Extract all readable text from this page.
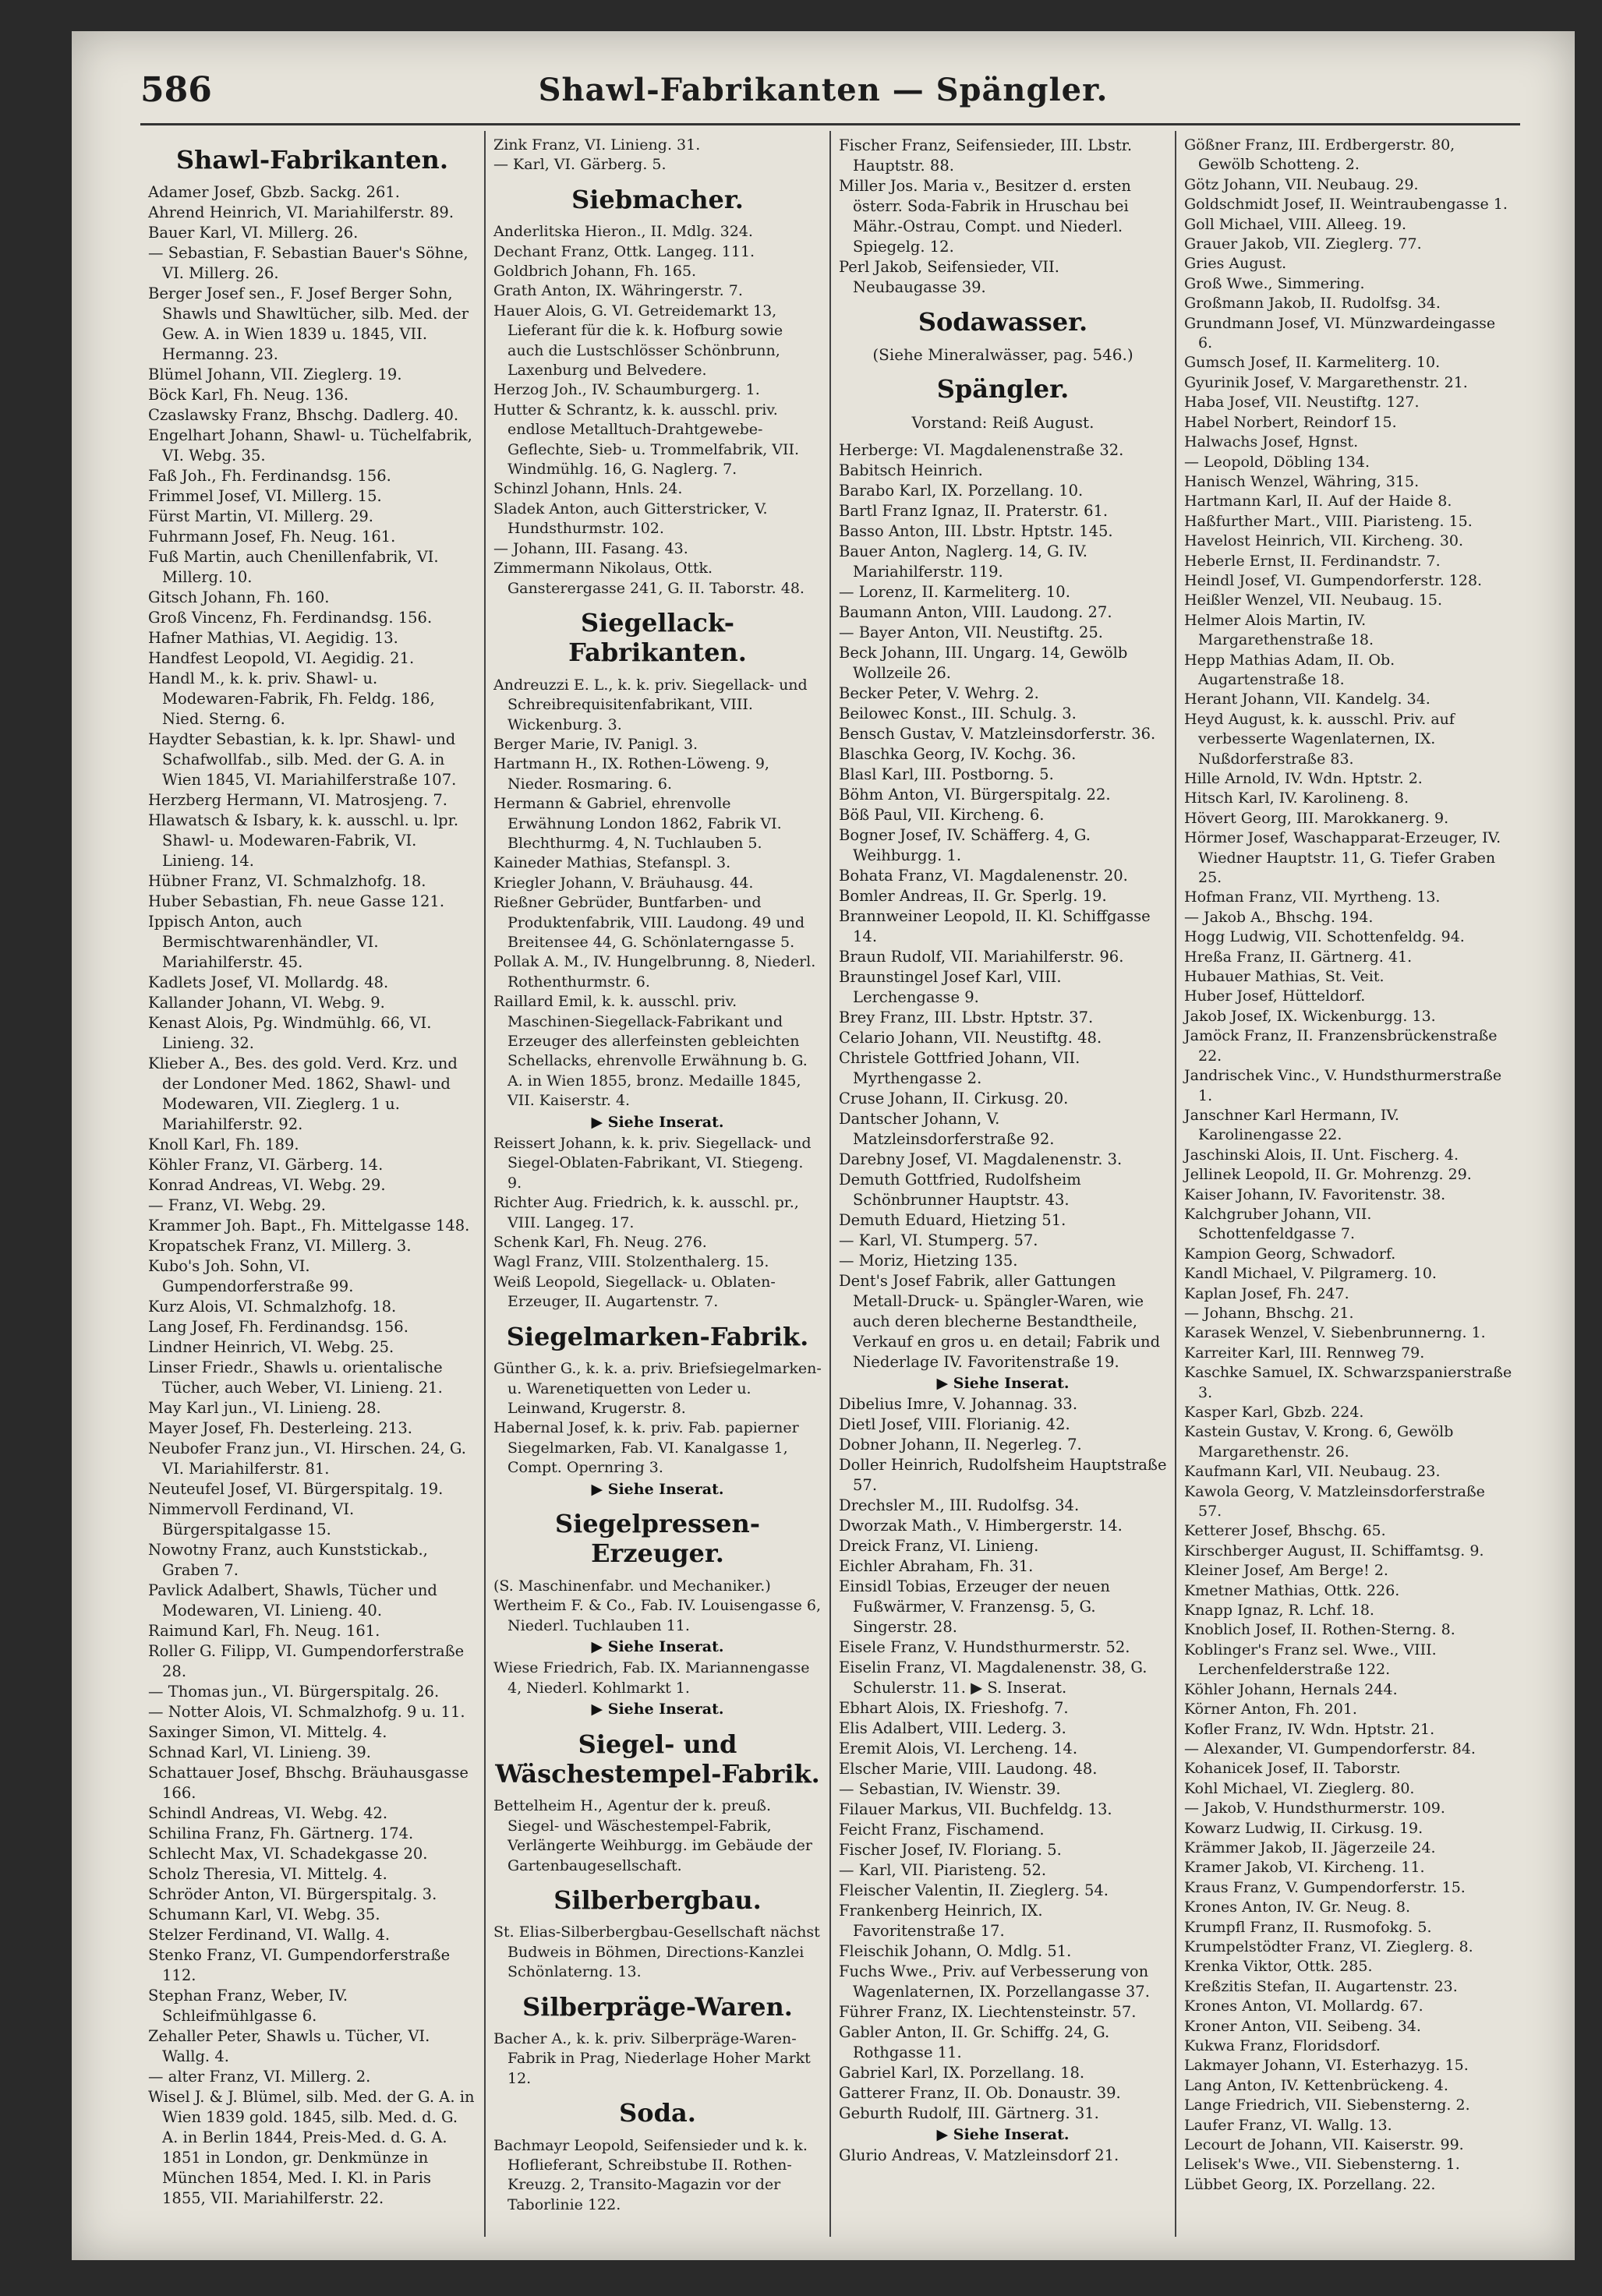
586	Shawl-Fabrikanten — Spängler.
Shawl-Fabrikanten.

Adamer Josef, Gbzb. Sackg. 261.

Ahrend Heinrich, VI. Mariahilferstr. 89.

Bauer Karl, VI. Millerg. 26.

— Sebastian, F. Sebastian Bauer's Söhne, VI. Millerg. 26.

Berger Josef sen., F. Josef Berger Sohn, Shawls und Shawltücher, silb. Med. der Gew. A. in Wien 1839 u. 1845, VII. Hermanng. 23.

Blümel Johann, VII. Zieglerg. 19.

Böck Karl, Fh. Neug. 136.

Czaslawsky Franz, Bhschg. Dadlerg. 40.

Engelhart Johann, Shawl- u. Tüchelfabrik, VI. Webg. 35.

Faß Joh., Fh. Ferdinandsg. 156.

Frimmel Josef, VI. Millerg. 15.

Fürst Martin, VI. Millerg. 29.

Fuhrmann Josef, Fh. Neug. 161.

Fuß Martin, auch Chenillenfabrik, VI. Millerg. 10.

Gitsch Johann, Fh. 160.

Groß Vincenz, Fh. Ferdinandsg. 156.

Hafner Mathias, VI. Aegidig. 13.

Handfest Leopold, VI. Aegidig. 21.

Handl M., k. k. priv. Shawl- u. Modewaren-Fabrik, Fh. Feldg. 186, Nied. Sterng. 6.

Haydter Sebastian, k. k. lpr. Shawl- und Schafwollfab., silb. Med. der G. A. in Wien 1845, VI. Mariahilferstraße 107.

Herzberg Hermann, VI. Matrosjeng. 7.

Hlawatsch & Isbary, k. k. ausschl. u. lpr. Shawl- u. Modewaren-Fabrik, VI. Linieng. 14.

Hübner Franz, VI. Schmalzhofg. 18.

Huber Sebastian, Fh. neue Gasse 121.

Ippisch Anton, auch Bermischtwarenhändler, VI. Mariahilferstr. 45.

Kadlets Josef, VI. Mollardg. 48.

Kallander Johann, VI. Webg. 9.

Kenast Alois, Pg. Windmühlg. 66, VI. Linieng. 32.

Klieber A., Bes. des gold. Verd. Krz. und der Londoner Med. 1862, Shawl- und Modewaren, VII. Zieglerg. 1 u. Mariahilferstr. 92.

Knoll Karl, Fh. 189.

Köhler Franz, VI. Gärberg. 14.

Konrad Andreas, VI. Webg. 29.

— Franz, VI. Webg. 29.

Krammer Joh. Bapt., Fh. Mittelgasse 148.

Kropatschek Franz, VI. Millerg. 3.

Kubo's Joh. Sohn, VI. Gumpendorferstraße 99.

Kurz Alois, VI. Schmalzhofg. 18.

Lang Josef, Fh. Ferdinandsg. 156.

Lindner Heinrich, VI. Webg. 25.

Linser Friedr., Shawls u. orientalische Tücher, auch Weber, VI. Linieng. 21.

May Karl jun., VI. Linieng. 28.

Mayer Josef, Fh. Desterleing. 213.

Neubofer Franz jun., VI. Hirschen. 24, G. VI. Mariahilferstr. 81.

Neuteufel Josef, VI. Bürgerspitalg. 19.

Nimmervoll Ferdinand, VI. Bürgerspitalgasse 15.

Nowotny Franz, auch Kunststickab., Graben 7.

Pavlick Adalbert, Shawls, Tücher und Modewaren, VI. Linieng. 40.

Raimund Karl, Fh. Neug. 161.

Roller G. Filipp, VI. Gumpendorferstraße 28.

— Thomas jun., VI. Bürgerspitalg. 26.

— Notter Alois, VI. Schmalzhofg. 9 u. 11.

Saxinger Simon, VI. Mittelg. 4.

Schnad Karl, VI. Linieng. 39.

Schattauer Josef, Bhschg. Bräuhausgasse 166.

Schindl Andreas, VI. Webg. 42.

Schilina Franz, Fh. Gärtnerg. 174.

Schlecht Max, VI. Schadekgasse 20.

Scholz Theresia, VI. Mittelg. 4.

Schröder Anton, VI. Bürgerspitalg. 3.

Schumann Karl, VI. Webg. 35.

Stelzer Ferdinand, VI. Wallg. 4.

Stenko Franz, VI. Gumpendorferstraße 112.

Stephan Franz, Weber, IV. Schleifmühlgasse 6.

Zehaller Peter, Shawls u. Tücher, VI. Wallg. 4.

— alter Franz, VI. Millerg. 2.

Wisel J. & J. Blümel, silb. Med. der G. A. in Wien 1839 gold. 1845, silb. Med. d. G. A. in Berlin 1844, Preis-Med. d. G. A. 1851 in London, gr. Denkmünze in München 1854, Med. I. Kl. in Paris 1855, VII. Mariahilferstr. 22.

Zink Franz, VI. Linieng. 31.

— Karl, VI. Gärberg. 5.

Siebmacher.

Anderlitska Hieron., II. Mdlg. 324.

Dechant Franz, Ottk. Langeg. 111.

Goldbrich Johann, Fh. 165.

Grath Anton, IX. Währingerstr. 7.

Hauer Alois, G. VI. Getreidemarkt 13, Lieferant für die k. k. Hofburg sowie auch die Lustschlösser Schönbrunn, Laxenburg und Belvedere.

Herzog Joh., IV. Schaumburgerg. 1.

Hutter & Schrantz, k. k. ausschl. priv. endlose Metalltuch-Drahtgewebe-Geflechte, Sieb- u. Trommelfabrik, VII. Windmühlg. 16, G. Naglerg. 7.

Schinzl Johann, Hnls. 24.

Sladek Anton, auch Gitterstricker, V. Hundsthurmstr. 102.

— Johann, III. Fasang. 43.

Zimmermann Nikolaus, Ottk. Gansterergasse 241, G. II. Taborstr. 48.

Siegellack-Fabrikanten.

Andreuzzi E. L., k. k. priv. Siegellack- und Schreibrequisitenfabrikant, VIII. Wickenburg. 3.

Berger Marie, IV. Panigl. 3.

Hartmann H., IX. Rothen-Löweng. 9, Nieder. Rosmaring. 6.

Hermann & Gabriel, ehrenvolle Erwähnung London 1862, Fabrik VI. Blechthurmg. 4, N. Tuchlauben 5.

Kaineder Mathias, Stefanspl. 3.

Kriegler Johann, V. Bräuhausg. 44.

Rießner Gebrüder, Buntfarben- und Produktenfabrik, VIII. Laudong. 49 und Breitensee 44, G. Schönlaterngasse 5.

Pollak A. M., IV. Hungelbrunng. 8, Niederl. Rothenthurmstr. 6.

Raillard Emil, k. k. ausschl. priv. Maschinen-Siegellack-Fabrikant und Erzeuger des allerfeinsten gebleichten Schellacks, ehrenvolle Erwähnung b. G. A. in Wien 1855, bronz. Medaille 1845, VII. Kaiserstr. 4.

▶ Siehe Inserat.

Reissert Johann, k. k. priv. Siegellack- und Siegel-Oblaten-Fabrikant, VI. Stiegeng. 9.

Richter Aug. Friedrich, k. k. ausschl. pr., VIII. Langeg. 17.

Schenk Karl, Fh. Neug. 276.

Wagl Franz, VIII. Stolzenthalerg. 15.

Weiß Leopold, Siegellack- u. Oblaten-Erzeuger, II. Augartenstr. 7.

Siegelmarken-Fabrik.

Günther G., k. k. a. priv. Briefsiegelmarken- u. Warenetiquetten von Leder u. Leinwand, Krugerstr. 8.

Habernal Josef, k. k. priv. Fab. papierner Siegelmarken, Fab. VI. Kanalgasse 1, Compt. Opernring 3.

▶ Siehe Inserat.

Siegelpressen-Erzeuger.

(S. Maschinenfabr. und Mechaniker.)

Wertheim F. & Co., Fab. IV. Louisengasse 6, Niederl. Tuchlauben 11.

▶ Siehe Inserat.

Wiese Friedrich, Fab. IX. Mariannengasse 4, Niederl. Kohlmarkt 1.

▶ Siehe Inserat.

Siegel- und Wäschestempel-Fabrik.

Bettelheim H., Agentur der k. preuß. Siegel- und Wäschestempel-Fabrik, Verlängerte Weihburgg. im Gebäude der Gartenbaugesellschaft.

Silberbergbau.

St. Elias-Silberbergbau-Gesellschaft nächst Budweis in Böhmen, Directions-Kanzlei Schönlaterng. 13.

Silberpräge-Waren.

Bacher A., k. k. priv. Silberpräge-Waren-Fabrik in Prag, Niederlage Hoher Markt 12.

Soda.

Bachmayr Leopold, Seifensieder und k. k. Hoflieferant, Schreibstube II. Rothen-Kreuzg. 2, Transito-Magazin vor der Taborlinie 122.

Fischer Franz, Seifensieder, III. Lbstr. Hauptstr. 88.

Miller Jos. Maria v., Besitzer d. ersten österr. Soda-Fabrik in Hruschau bei Mähr.-Ostrau, Compt. und Niederl. Spiegelg. 12.

Perl Jakob, Seifensieder, VII. Neubaugasse 39.

Sodawasser.
(Siehe Mineralwässer, pag. 546.)
Spängler.
Vorstand: Reiß August.

Herberge: VI. Magdalenenstraße 32.

Babitsch Heinrich.

Barabo Karl, IX. Porzellang. 10.

Bartl Franz Ignaz, II. Praterstr. 61.

Basso Anton, III. Lbstr. Hptstr. 145.

Bauer Anton, Naglerg. 14, G. IV. Mariahilferstr. 119.

— Lorenz, II. Karmeliterg. 10.

Baumann Anton, VIII. Laudong. 27.

— Bayer Anton, VII. Neustiftg. 25.

Beck Johann, III. Ungarg. 14, Gewölb Wollzeile 26.

Becker Peter, V. Wehrg. 2.

Beilowec Konst., III. Schulg. 3.

Bensch Gustav, V. Matzleinsdorferstr. 36.

Blaschka Georg, IV. Kochg. 36.

Blasl Karl, III. Postborng. 5.

Böhm Anton, VI. Bürgerspitalg. 22.

Böß Paul, VII. Kircheng. 6.

Bogner Josef, IV. Schäfferg. 4, G. Weihburgg. 1.

Bohata Franz, VI. Magdalenenstr. 20.

Bomler Andreas, II. Gr. Sperlg. 19.

Brannweiner Leopold, II. Kl. Schiffgasse 14.

Braun Rudolf, VII. Mariahilferstr. 96.

Braunstingel Josef Karl, VIII. Lerchengasse 9.

Brey Franz, III. Lbstr. Hptstr. 37.

Celario Johann, VII. Neustiftg. 48.

Christele Gottfried Johann, VII. Myrthengasse 2.

Cruse Johann, II. Cirkusg. 20.

Dantscher Johann, V. Matzleinsdorferstraße 92.

Darebny Josef, VI. Magdalenenstr. 3.

Demuth Gottfried, Rudolfsheim Schönbrunner Hauptstr. 43.

Demuth Eduard, Hietzing 51.

— Karl, VI. Stumperg. 57.

— Moriz, Hietzing 135.

Dent's Josef Fabrik, aller Gattungen Metall-Druck- u. Spängler-Waren, wie auch deren blecherne Bestandtheile, Verkauf en gros u. en detail; Fabrik und Niederlage IV. Favoritenstraße 19.

▶ Siehe Inserat.

Dibelius Imre, V. Johannag. 33.

Dietl Josef, VIII. Florianig. 42.

Dobner Johann, II. Negerleg. 7.

Doller Heinrich, Rudolfsheim Hauptstraße 57.

Drechsler M., III. Rudolfsg. 34.

Dworzak Math., V. Himbergerstr. 14.

Dreick Franz, VI. Linieng.

Eichler Abraham, Fh. 31.

Einsidl Tobias, Erzeuger der neuen Fußwärmer, V. Franzensg. 5, G. Singerstr. 28.

Eisele Franz, V. Hundsthurmerstr. 52.

Eiselin Franz, VI. Magdalenenstr. 38, G. Schulerstr. 11. ▶ S. Inserat.

Ebhart Alois, IX. Frieshofg. 7.

Elis Adalbert, VIII. Lederg. 3.

Eremit Alois, VI. Lercheng. 14.

Elscher Marie, VIII. Laudong. 48.

— Sebastian, IV. Wienstr. 39.

Filauer Markus, VII. Buchfeldg. 13.

Feicht Franz, Fischamend.

Fischer Josef, IV. Floriang. 5.

— Karl, VII. Piaristeng. 52.

Fleischer Valentin, II. Zieglerg. 54.

Frankenberg Heinrich, IX. Favoritenstraße 17.

Fleischik Johann, O. Mdlg. 51.

Fuchs Wwe., Priv. auf Verbesserung von Wagenlaternen, IX. Porzellangasse 37.

Führer Franz, IX. Liechtensteinstr. 57.

Gabler Anton, II. Gr. Schiffg. 24, G. Rothgasse 11.

Gabriel Karl, IX. Porzellang. 18.

Gatterer Franz, II. Ob. Donaustr. 39.

Geburth Rudolf, III. Gärtnerg. 31.

▶ Siehe Inserat.

Glurio Andreas, V. Matzleinsdorf 21.

Gößner Franz, III. Erdbergerstr. 80, Gewölb Schotteng. 2.

Götz Johann, VII. Neubaug. 29.

Goldschmidt Josef, II. Weintraubengasse 1.

Goll Michael, VIII. Alleeg. 19.

Grauer Jakob, VII. Zieglerg. 77.

Gries August.

Groß Wwe., Simmering.

Großmann Jakob, II. Rudolfsg. 34.

Grundmann Josef, VI. Münzwardeingasse 6.

Gumsch Josef, II. Karmeliterg. 10.

Gyurinik Josef, V. Margarethenstr. 21.

Haba Josef, VII. Neustiftg. 127.

Habel Norbert, Reindorf 15.

Halwachs Josef, Hgnst.

— Leopold, Döbling 134.

Hanisch Wenzel, Währing, 315.

Hartmann Karl, II. Auf der Haide 8.

Haßfurther Mart., VIII. Piaristeng. 15.

Havelost Heinrich, VII. Kircheng. 30.

Heberle Ernst, II. Ferdinandstr. 7.

Heindl Josef, VI. Gumpendorferstr. 128.

Heißler Wenzel, VII. Neubaug. 15.

Helmer Alois Martin, IV. Margarethenstraße 18.

Hepp Mathias Adam, II. Ob. Augartenstraße 18.

Herant Johann, VII. Kandelg. 34.

Heyd August, k. k. ausschl. Priv. auf verbesserte Wagenlaternen, IX. Nußdorferstraße 83.

Hille Arnold, IV. Wdn. Hptstr. 2.

Hitsch Karl, IV. Karolineng. 8.

Hövert Georg, III. Marokkanerg. 9.

Hörmer Josef, Waschapparat-Erzeuger, IV. Wiedner Hauptstr. 11, G. Tiefer Graben 25.

Hofman Franz, VII. Myrtheng. 13.

— Jakob A., Bhschg. 194.

Hogg Ludwig, VII. Schottenfeldg. 94.

Hreßa Franz, II. Gärtnerg. 41.

Hubauer Mathias, St. Veit.

Huber Josef, Hütteldorf.

Jakob Josef, IX. Wickenburgg. 13.

Jamöck Franz, II. Franzensbrückenstraße 22.

Jandrischek Vinc., V. Hundsthurmerstraße 1.

Janschner Karl Hermann, IV. Karolinengasse 22.

Jaschinski Alois, II. Unt. Fischerg. 4.

Jellinek Leopold, II. Gr. Mohrenzg. 29.

Kaiser Johann, IV. Favoritenstr. 38.

Kalchgruber Johann, VII. Schottenfeldgasse 7.

Kampion Georg, Schwadorf.

Kandl Michael, V. Pilgramerg. 10.

Kaplan Josef, Fh. 247.

— Johann, Bhschg. 21.

Karasek Wenzel, V. Siebenbrunnerng. 1.

Karreiter Karl, III. Rennweg 79.

Kaschke Samuel, IX. Schwarzspanierstraße 3.

Kasper Karl, Gbzb. 224.

Kastein Gustav, V. Krong. 6, Gewölb Margarethenstr. 26.

Kaufmann Karl, VII. Neubaug. 23.

Kawola Georg, V. Matzleinsdorferstraße 57.

Ketterer Josef, Bhschg. 65.

Kirschberger August, II. Schiffamtsg. 9.

Kleiner Josef, Am Berge! 2.

Kmetner Mathias, Ottk. 226.

Knapp Ignaz, R. Lchf. 18.

Knoblich Josef, II. Rothen-Sterng. 8.

Koblinger's Franz sel. Wwe., VIII. Lerchenfelderstraße 122.

Köhler Johann, Hernals 244.

Körner Anton, Fh. 201.

Kofler Franz, IV. Wdn. Hptstr. 21.

— Alexander, VI. Gumpendorferstr. 84.

Kohanicek Josef, II. Taborstr.

Kohl Michael, VI. Zieglerg. 80.

— Jakob, V. Hundsthurmerstr. 109.

Kowarz Ludwig, II. Cirkusg. 19.

Krämmer Jakob, II. Jägerzeile 24.

Kramer Jakob, VI. Kircheng. 11.

Kraus Franz, V. Gumpendorferstr. 15.

Krones Anton, IV. Gr. Neug. 8.

Krumpfl Franz, II. Rusmofokg. 5.

Krumpelstödter Franz, VI. Zieglerg. 8.

Krenka Viktor, Ottk. 285.

Kreßzitis Stefan, II. Augartenstr. 23.

Krones Anton, VI. Mollardg. 67.

Kroner Anton, VII. Seibeng. 34.

Kukwa Franz, Floridsdorf.

Lakmayer Johann, VI. Esterhazyg. 15.

Lang Anton, IV. Kettenbrückeng. 4.

Lange Friedrich, VII. Siebensterng. 2.

Laufer Franz, VI. Wallg. 13.

Lecourt de Johann, VII. Kaiserstr. 99.

Lelisek's Wwe., VII. Siebensterng. 1.

Lübbet Georg, IX. Porzellang. 22.
